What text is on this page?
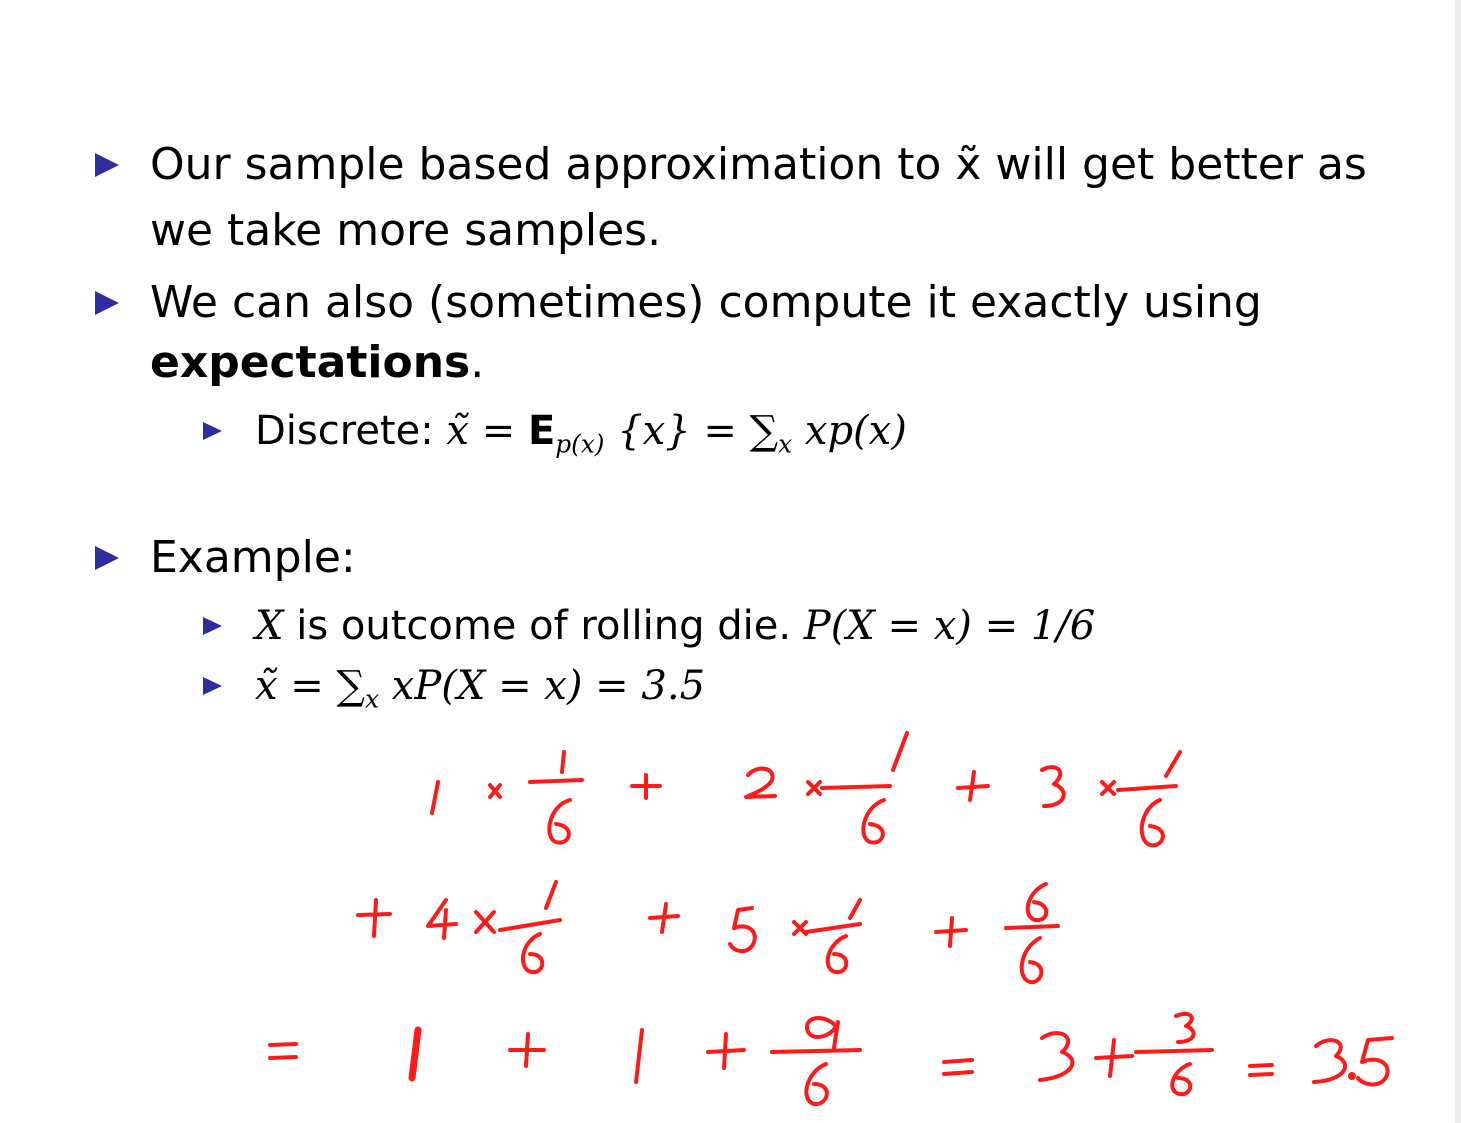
Our sample based approximation to x̃ will get better as
we take more samples.
We can also (sometimes) compute it exactly using
expectations.
Discrete: x̃ = $E_{p(x)}$ $\{x\} = \sum_x$ xp(x)
Example:
X is outcome of rolling die. P(X = x) = 1/6
x̃ = $\sum_x$ xP(X = x) = 3.5
